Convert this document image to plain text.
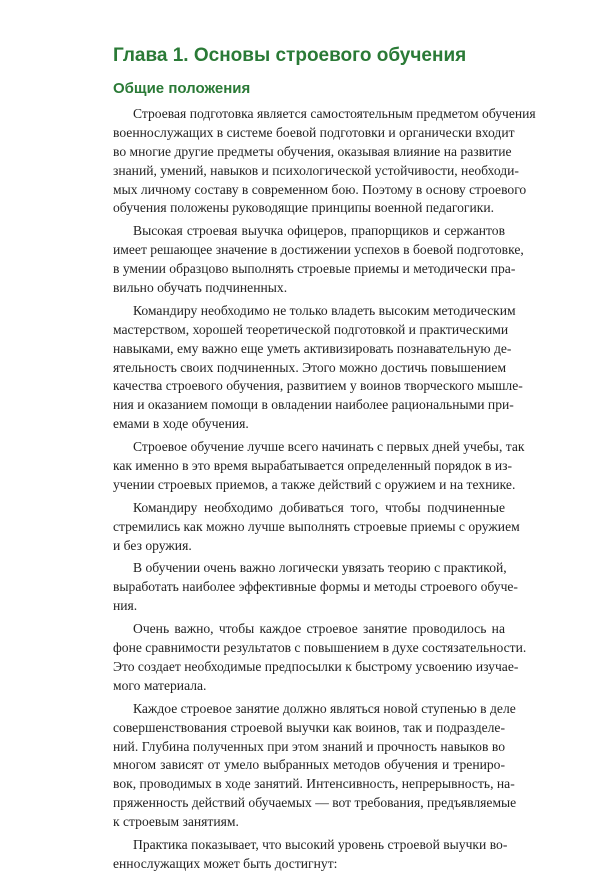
Глава 1. Основы строевого обучения
Общие положения
Строевая подготовка является самостоятельным предметом обучения
военнослужащих в системе боевой подготовки и органически входит
во многие другие предметы обучения, оказывая влияние на развитие
знаний, умений, навыков и психологической устойчивости, необходи-
мых личному составу в современном бою. Поэтому в основу строевого
обучения положены руководящие принципы военной педагогики.
Высокая строевая выучка офицеров, прапорщиков и сержантов
имеет решающее значение в достижении успехов в боевой подготовке,
в умении образцово выполнять строевые приемы и методически пра-
вильно обучать подчиненных.
Командиру необходимо не только владеть высоким методическим
мастерством, хорошей теоретической подготовкой и практическими
навыками, ему важно еще уметь активизировать познавательную де-
ятельность своих подчиненных. Этого можно достичь повышением
качества строевого обучения, развитием у воинов творческого мышле-
ния и оказанием помощи в овладении наиболее рациональными при-
емами в ходе обучения.
Строевое обучение лучше всего начинать с первых дней учебы, так
как именно в это время вырабатывается определенный порядок в из-
учении строевых приемов, а также действий с оружием и на технике.
Командиру необходимо добиваться того, чтобы подчиненные
стремились как можно лучше выполнять строевые приемы с оружием
и без оружия.
В обучении очень важно логически увязать теорию с практикой,
выработать наиболее эффективные формы и методы строевого обуче-
ния.
Очень важно, чтобы каждое строевое занятие проводилось на
фоне сравнимости результатов с повышением в духе состязательности.
Это создает необходимые предпосылки к быстрому усвоению изучае-
мого материала.
Каждое строевое занятие должно являться новой ступенью в деле
совершенствования строевой выучки как воинов, так и подразделе-
ний. Глубина полученных при этом знаний и прочность навыков во
многом зависят от умело выбранных методов обучения и трениро-
вок, проводимых в ходе занятий. Интенсивность, непрерывность, на-
пряженность действий обучаемых — вот требования, предъявляемые
к строевым занятиям.
Практика показывает, что высокий уровень строевой выучки во-
еннослужащих может быть достигнут:
